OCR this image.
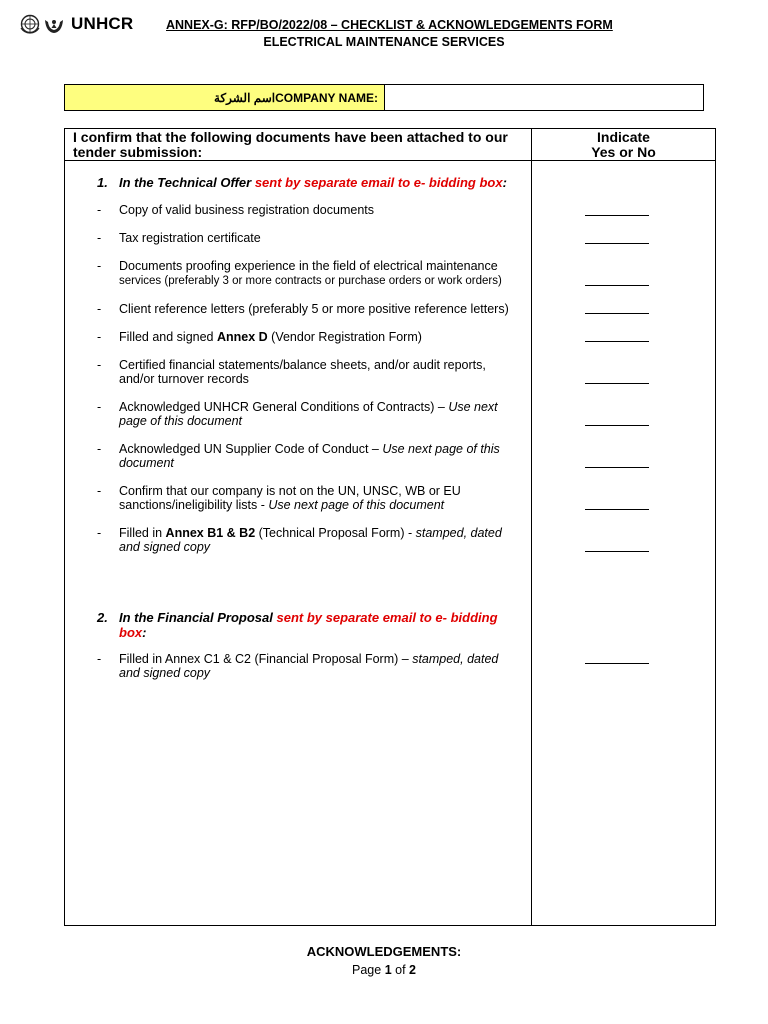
UNHCR	ANNEX-G: RFP/BO/2022/08 – CHECKLIST & ACKNOWLEDGEMENTS FORM
ELECTRICAL MAINTENANCE SERVICES
اسم الشركة COMPANY NAME:
I confirm that the following documents have been attached to our
tender submission:
Indicate
Yes or No
1. In the Technical Offer sent by separate email to e- bidding box:
- Copy of valid business registration documents
- Tax registration certificate
- Documents proofing experience in the field of electrical maintenance
services (preferably 3 or more contracts or purchase orders or work orders)
- Client reference letters (preferably 5 or more positive reference letters)
- Filled and signed Annex D (Vendor Registration Form)
- Certified financial statements/balance sheets, and/or audit reports,
and/or turnover records
- Acknowledged UNHCR General Conditions of Contracts) – Use next
page of this document
- Acknowledged UN Supplier Code of Conduct – Use next page of this
document
- Confirm that our company is not on the UN, UNSC, WB or EU
sanctions/ineligibility lists - Use next page of this document
- Filled in Annex B1 & B2 (Technical Proposal Form) - stamped, dated
and signed copy
2. In the Financial Proposal sent by separate email to e- bidding
box:
- Filled in Annex C1 & C2 (Financial Proposal Form) – stamped, dated
and signed copy
ACKNOWLEDGEMENTS:
Page 1 of 2
